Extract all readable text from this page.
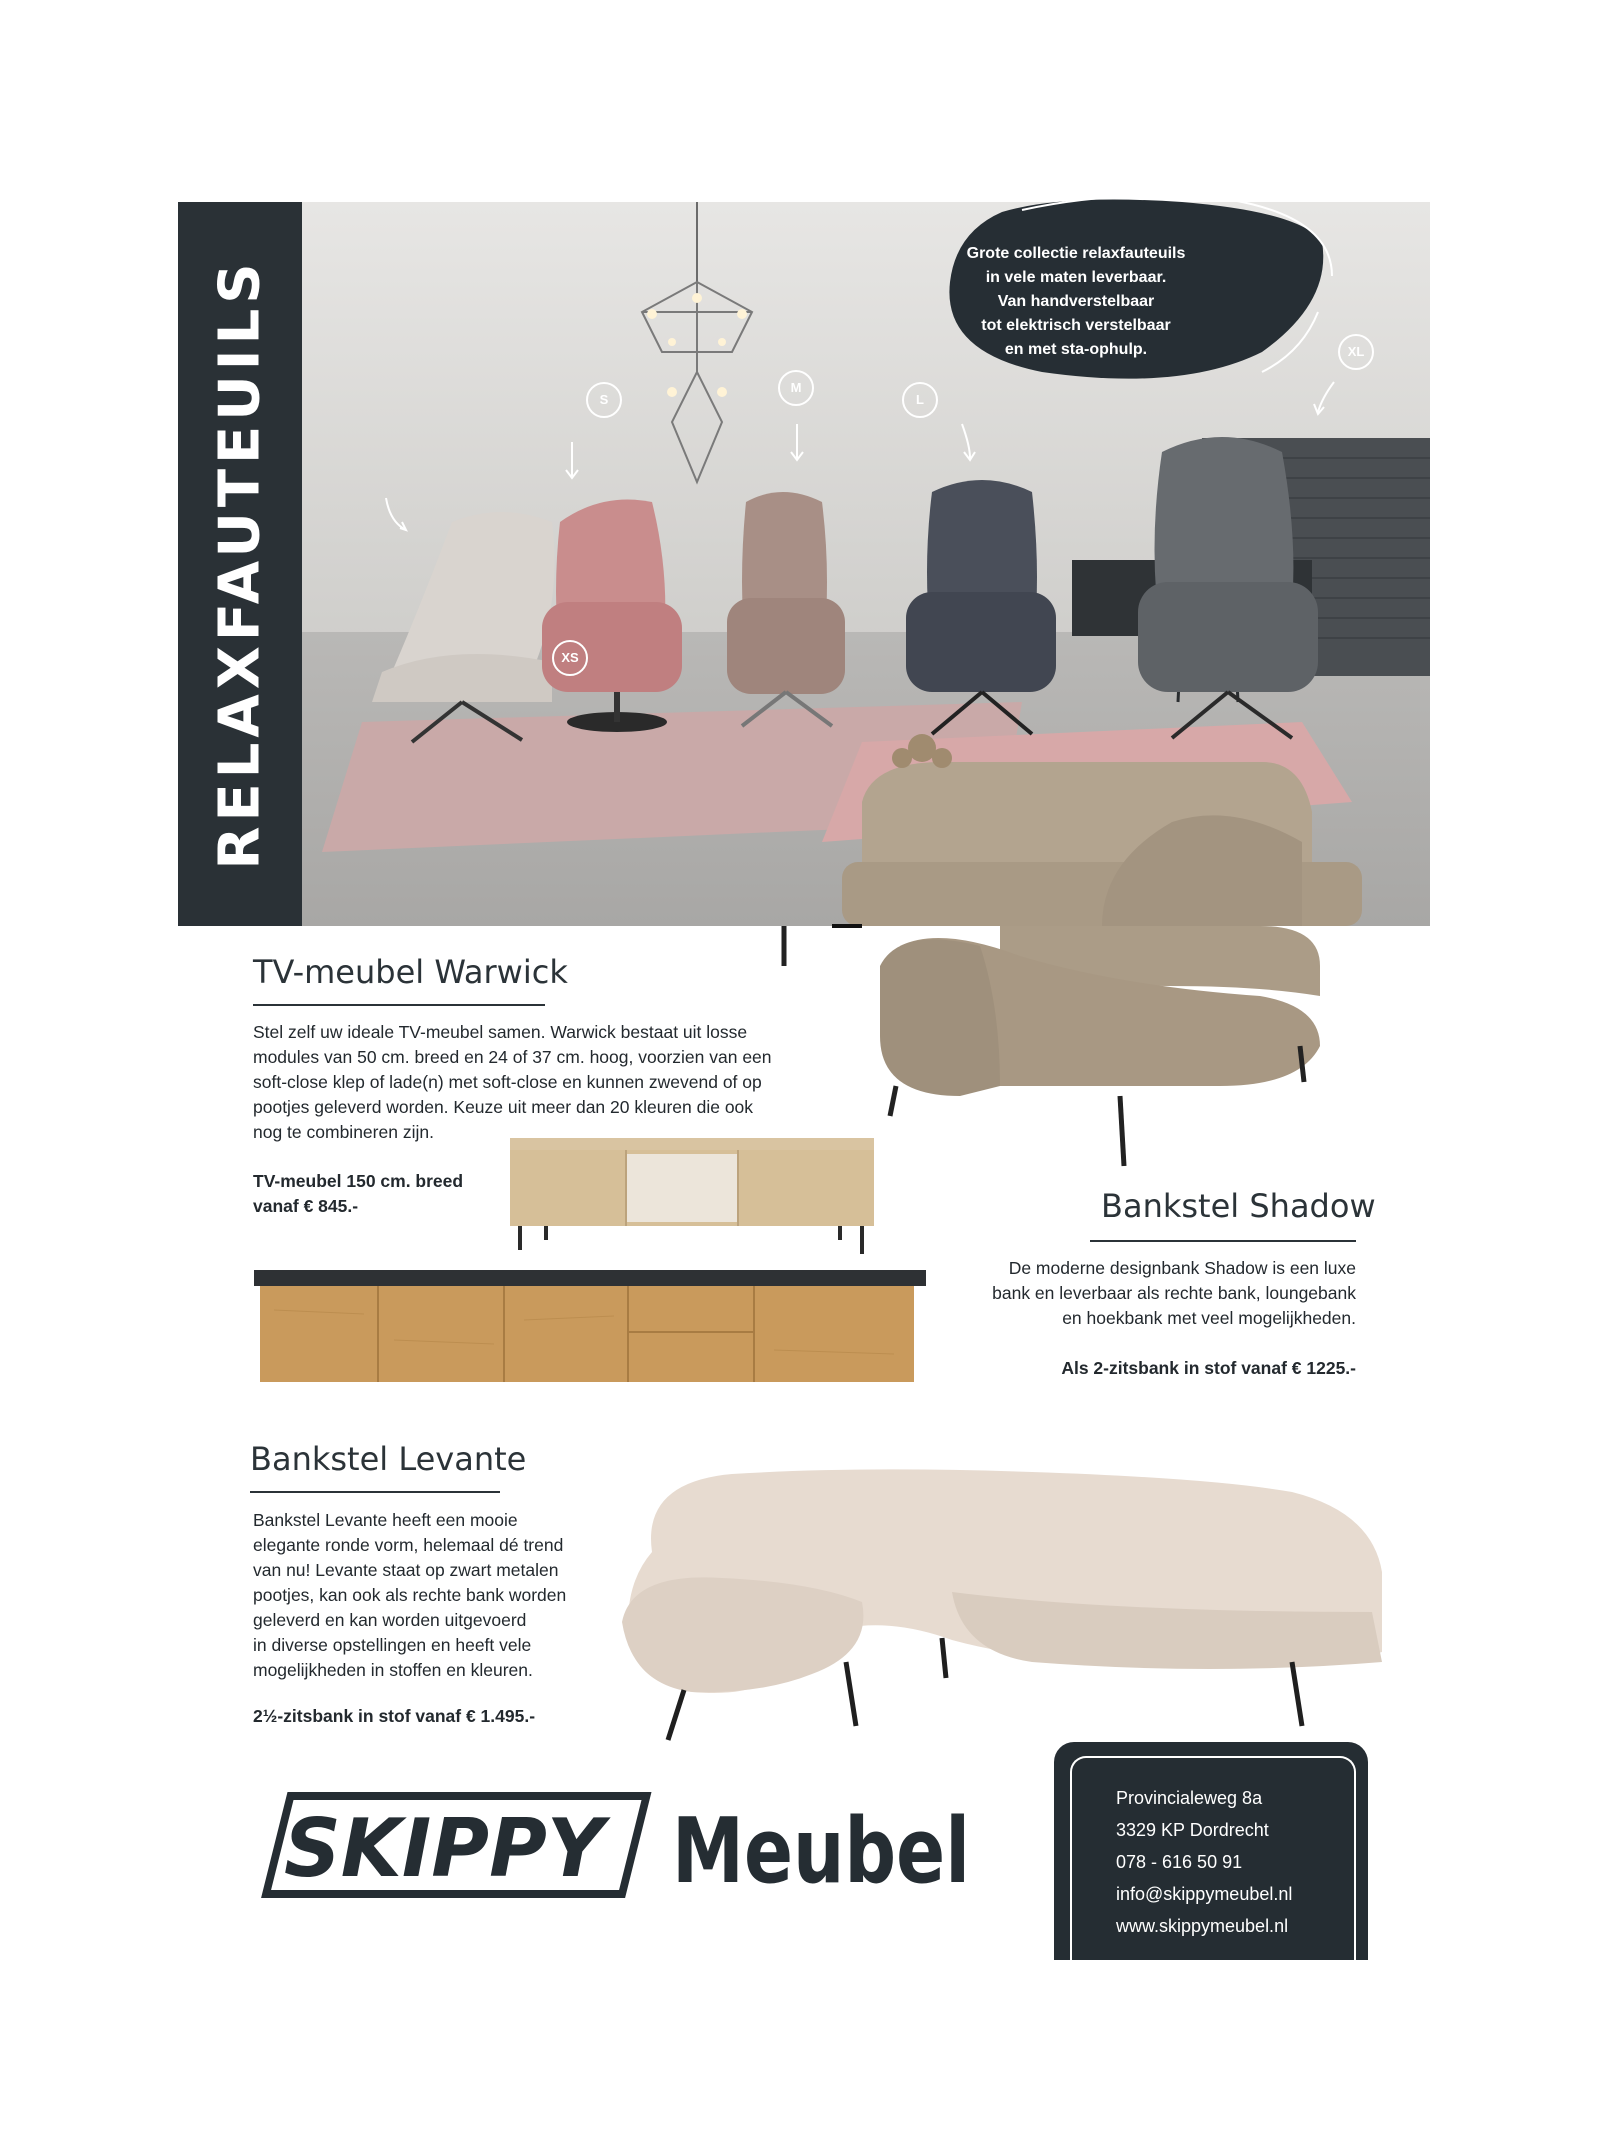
RELAXFAUTEUILS	XS
S
M
L
XL
Grote collectie relaxfauteuils
in vele maten leverbaar.
Van handverstelbaar
tot elektrisch verstelbaar
en met sta-ophulp.
TV-meubel Warwick
Stel zelf uw ideale TV-meubel samen. Warwick bestaat uit losse
modules van 50 cm. breed en 24 of 37 cm. hoog, voorzien van een
soft-close klep of lade(n) met soft-close en kunnen zwevend of op
pootjes geleverd worden. Keuze uit meer dan 20 kleuren die ook
nog te combineren zijn.
TV-meubel 150 cm. breed
vanaf € 845.-	Bankstel Shadow
De moderne designbank Shadow is een luxe
bank en leverbaar als rechte bank, loungebank
en hoekbank met veel mogelijkheden.
Als 2-zitsbank in stof vanaf € 1225.-
Bankstel Levante
Bankstel Levante heeft een mooie
elegante ronde vorm, helemaal dé trend
van nu! Levante staat op zwart metalen
pootjes, kan ook als rechte bank worden
geleverd en kan worden uitgevoerd
in diverse opstellingen en heeft vele
mogelijkheden in stoffen en kleuren.
2½-zitsbank in stof vanaf € 1.495.-
SKIPPY Meubel
Provincialeweg 8a
3329 KP Dordrecht
078 - 616 50 91
info@skippymeubel.nl
www.skippymeubel.nl
